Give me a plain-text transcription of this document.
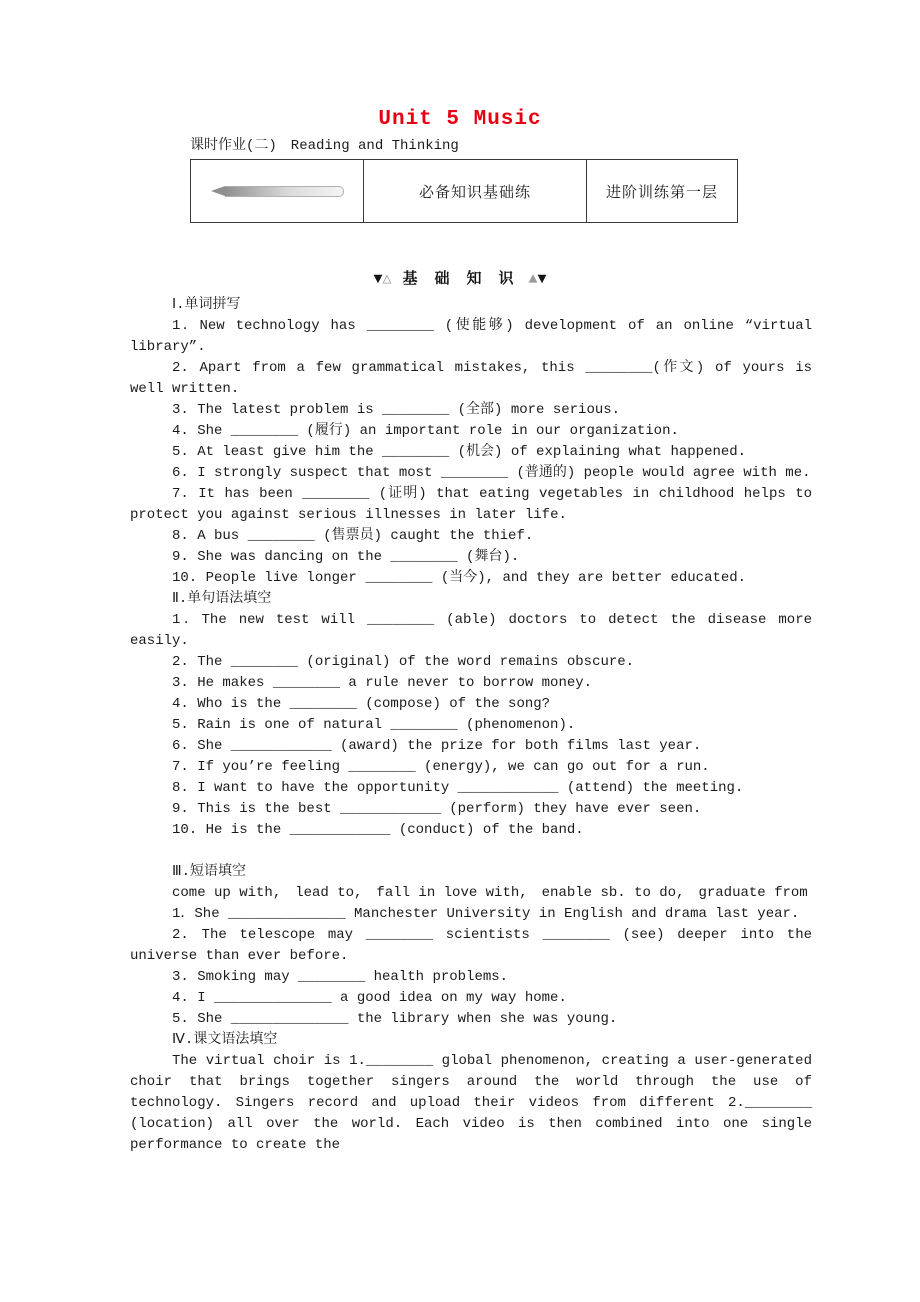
Unit 5 Music
课时作业(二)　Reading and Thinking
	必备知识基础练	进阶训练第一层
▼△ 基 础 知 识 ▲▼

Ⅰ.单词拼写

1．New technology has ________ (使能够) development of an online “virtual library”.

2. Apart from a few grammatical mistakes, this ________(作文) of yours is well written.

3. The latest problem is ________ (全部) more serious.

4. She ________ (履行) an important role in our organization.

5. At least give him the ________ (机会) of explaining what happened.

6. I strongly suspect that most ________ (普通的) people would agree with me.

7. It has been ________ (证明) that eating vegetables in childhood helps to protect you against serious illnesses in later life.

8. A bus ________ (售票员) caught the thief.

9. She was dancing on the ________ (舞台).

10. People live longer ________ (当今), and they are better educated.

Ⅱ.单句语法填空

1．The new test will ________ (able) doctors to detect the disease more easily.

2. The ________ (original) of the word remains obscure.

3. He makes ________ a rule never to borrow money.

4. Who is the ________ (compose) of the song?

5. Rain is one of natural ________ (phenomenon).

6. She ____________ (award) the prize for both films last year.

7. If you’re feeling ________ (energy), we can go out for a run.

8. I want to have the opportunity ____________ (attend) the meeting.

9. This is the best ____________ (perform) they have ever seen.

10. He is the ____________ (conduct) of the band.

Ⅲ.短语填空

come up with,　lead to,　fall in love with,　enable sb. to do,　graduate from

1．She ______________ Manchester University in English and drama last year.

2. The telescope may ________ scientists ________ (see) deeper into the universe than ever before.

3. Smoking may ________ health problems.

4. I ______________ a good idea on my way home.

5. She ______________ the library when she was young.

Ⅳ.课文语法填空

The virtual choir is 1.________ global phenomenon, creating a user-generated choir that brings together singers around the world through the use of technology. Singers record and upload their videos from different 2.________ (location) all over the world. Each video is then combined into one single performance to create the
